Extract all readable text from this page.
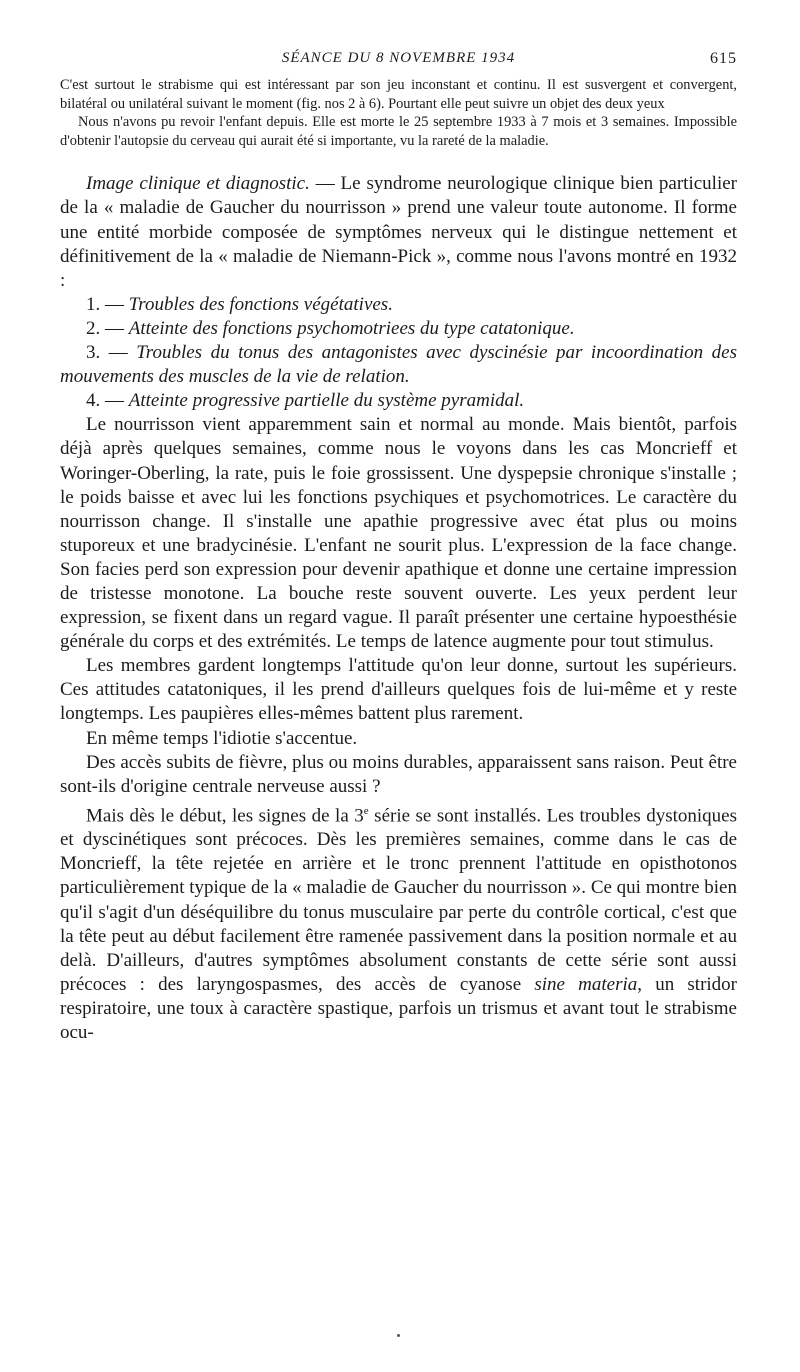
SÉANCE DU 8 NOVEMBRE 1934	615

C'est surtout le strabisme qui est intéressant par son jeu inconstant et continu. Il est susvergent et convergent, bilatéral ou unilatéral suivant le moment (fig. nos 2 à 6). Pourtant elle peut suivre un objet des deux yeux

Nous n'avons pu revoir l'enfant depuis. Elle est morte le 25 septembre 1933 à 7 mois et 3 semaines. Impossible d'obtenir l'autopsie du cerveau qui aurait été si importante, vu la rareté de la maladie.

Image clinique et diagnostic. — Le syndrome neurologique clinique bien particulier de la « maladie de Gaucher du nourrisson » prend une valeur toute autonome. Il forme une entité morbide composée de symptômes nerveux qui le distingue nettement et définitivement de la « maladie de Niemann-Pick », comme nous l'avons montré en 1932 :

1. — Troubles des fonctions végétatives.

2. — Atteinte des fonctions psychomotriees du type catatonique.

3. — Troubles du tonus des antagonistes avec dyscinésie par incoordination des mouvements des muscles de la vie de relation.

4. — Atteinte progressive partielle du système pyramidal.

Le nourrisson vient apparemment sain et normal au monde. Mais bientôt, parfois déjà après quelques semaines, comme nous le voyons dans les cas Moncrieff et Woringer-Oberling, la rate, puis le foie grossissent. Une dyspepsie chronique s'installe ; le poids baisse et avec lui les fonctions psychiques et psychomotrices. Le caractère du nourrisson change. Il s'installe une apathie progressive avec état plus ou moins stuporeux et une bradycinésie. L'enfant ne sourit plus. L'expression de la face change. Son facies perd son expression pour devenir apathique et donne une certaine impression de tristesse monotone. La bouche reste souvent ouverte. Les yeux perdent leur expression, se fixent dans un regard vague. Il paraît présenter une certaine hypoesthésie générale du corps et des extrémités. Le temps de latence augmente pour tout stimulus.

Les membres gardent longtemps l'attitude qu'on leur donne, surtout les supérieurs. Ces attitudes catatoniques, il les prend d'ailleurs quelques fois de lui-même et y reste longtemps. Les paupières elles-mêmes battent plus rarement.

En même temps l'idiotie s'accentue.

Des accès subits de fièvre, plus ou moins durables, apparaissent sans raison. Peut être sont-ils d'origine centrale nerveuse aussi ?

Mais dès le début, les signes de la 3e série se sont installés. Les troubles dystoniques et dyscinétiques sont précoces. Dès les premières semaines, comme dans le cas de Moncrieff, la tête rejetée en arrière et le tronc prennent l'attitude en opisthotonos particulièrement typique de la « maladie de Gaucher du nourrisson ». Ce qui montre bien qu'il s'agit d'un déséquilibre du tonus musculaire par perte du contrôle cortical, c'est que la tête peut au début facilement être ramenée passivement dans la position normale et au delà. D'ailleurs, d'autres symptômes absolument constants de cette série sont aussi précoces : des laryngospasmes, des accès de cyanose sine materia, un stridor respiratoire, une toux à caractère spastique, parfois un trismus et avant tout le strabisme ocu-
